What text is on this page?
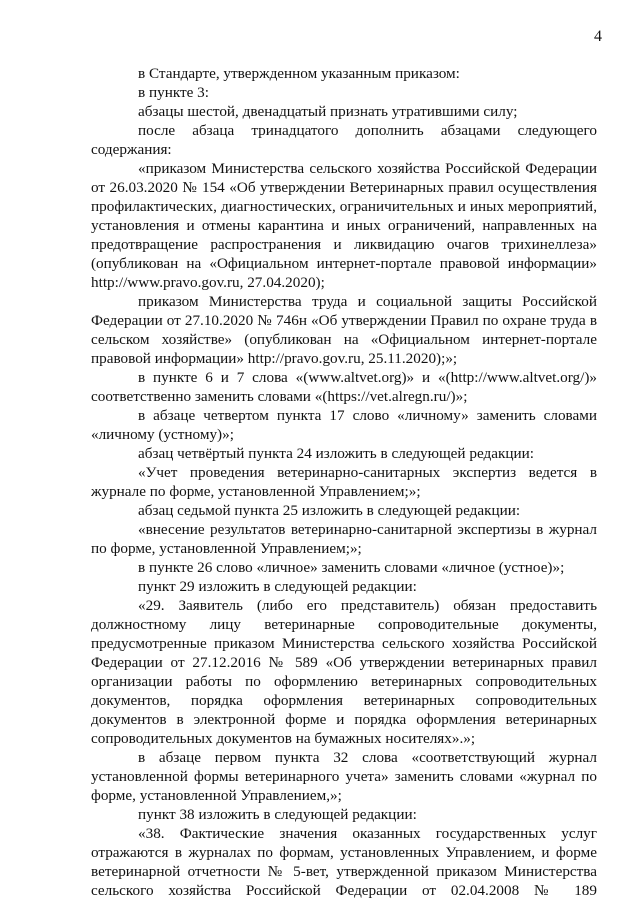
4
в Стандарте, утвержденном указанным приказом:
в пункте 3:
абзацы шестой, двенадцатый признать утратившими силу;
после абзаца тринадцатого дополнить абзацами следующего
содержания:
«приказом Министерства сельского хозяйства Российской Федерации
от 26.03.2020 № 154 «Об утверждении Ветеринарных правил осуществления
профилактических, диагностических, ограничительных и иных мероприятий,
установления и отмены карантина и иных ограничений, направленных на
предотвращение распространения и ликвидацию очагов трихинеллеза»
(опубликован на «Официальном интернет-портале правовой информации»
http://www.pravo.gov.ru, 27.04.2020);
приказом Министерства труда и социальной защиты Российской
Федерации от 27.10.2020 № 746н «Об утверждении Правил по охране труда в
сельском хозяйстве» (опубликован на «Официальном интернет-портале
правовой информации» http://pravo.gov.ru, 25.11.2020);»;
в пункте 6 и 7 слова «(www.altvet.org)» и «(http://www.altvet.org/)»
соответственно заменить словами «(https://vet.alregn.ru/)»;
в абзаце четвертом пункта 17 слово «личному» заменить словами
«личному (устному)»;
абзац четвёртый пункта 24 изложить в следующей редакции:
«Учет проведения ветеринарно-санитарных экспертиз ведется в
журнале по форме, установленной Управлением;»;
абзац седьмой пункта 25 изложить в следующей редакции:
«внесение результатов ветеринарно-санитарной экспертизы в журнал
по форме, установленной Управлением;»;
в пункте 26 слово «личное» заменить словами «личное (устное)»;
пункт 29 изложить в следующей редакции:
«29. Заявитель (либо его представитель) обязан предоставить
должностному лицу ветеринарные сопроводительные документы,
предусмотренные приказом Министерства сельского хозяйства Российской
Федерации от 27.12.2016 № 589 «Об утверждении ветеринарных правил
организации работы по оформлению ветеринарных сопроводительных
документов, порядка оформления ветеринарных сопроводительных
документов в электронной форме и порядка оформления ветеринарных
сопроводительных документов на бумажных носителях».»;
в абзаце первом пункта 32 слова «соответствующий журнал
установленной формы ветеринарного учета» заменить словами «журнал по
форме, установленной Управлением,»;
пункт 38 изложить в следующей редакции:
«38. Фактические значения оказанных государственных услуг
отражаются в журналах по формам, установленных Управлением, и форме
ветеринарной отчетности № 5-вет, утвержденной приказом Министерства
сельского хозяйства Российской Федерации от 02.04.2008 № 189
